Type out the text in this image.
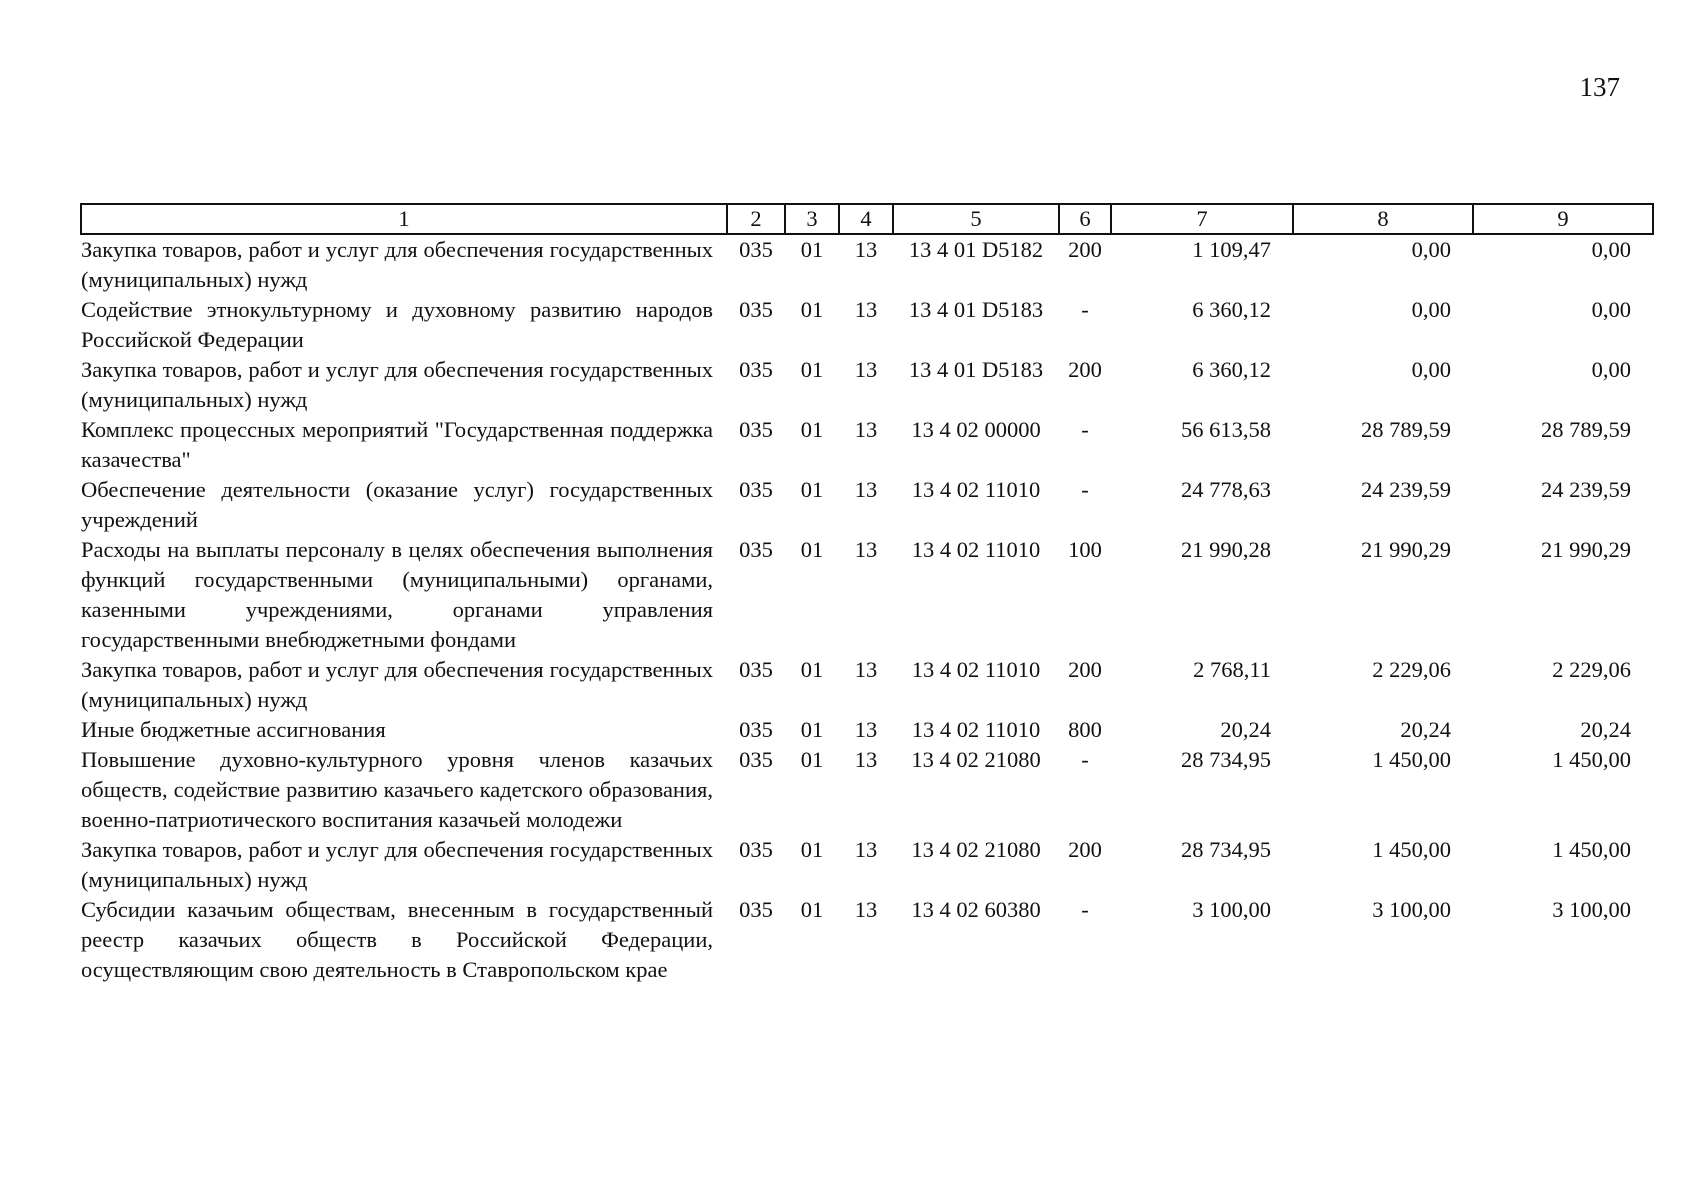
137
1	2	3	4	5	6	7	8	9
Закупка товаров, работ и услуг для обеспечения государственных (муниципальных) нужд	035	01	13	13 4 01 D5182	200	1 109,47	0,00	0,00
Содействие этнокультурному и духовному развитию народов Российской Федерации	035	01	13	13 4 01 D5183	-	6 360,12	0,00	0,00
Закупка товаров, работ и услуг для обеспечения государственных (муниципальных) нужд	035	01	13	13 4 01 D5183	200	6 360,12	0,00	0,00
Комплекс процессных мероприятий "Государственная поддержка казачества"	035	01	13	13 4 02 00000	-	56 613,58	28 789,59	28 789,59
Обеспечение деятельности (оказание услуг) государственных учреждений	035	01	13	13 4 02 11010	-	24 778,63	24 239,59	24 239,59
Расходы на выплаты персоналу в целях обеспечения выполнения функций государственными (муниципальными) органами, казенными учреждениями, органами управления государственными внебюджетными фондами	035	01	13	13 4 02 11010	100	21 990,28	21 990,29	21 990,29
Закупка товаров, работ и услуг для обеспечения государственных (муниципальных) нужд	035	01	13	13 4 02 11010	200	2 768,11	2 229,06	2 229,06
Иные бюджетные ассигнования	035	01	13	13 4 02 11010	800	20,24	20,24	20,24
Повышение духовно-культурного уровня членов казачьих обществ, содействие развитию казачьего кадетского образования, военно-патриотического воспитания казачьей молодежи	035	01	13	13 4 02 21080	-	28 734,95	1 450,00	1 450,00
Закупка товаров, работ и услуг для обеспечения государственных (муниципальных) нужд	035	01	13	13 4 02 21080	200	28 734,95	1 450,00	1 450,00
Субсидии казачьим обществам, внесенным в государственный реестр казачьих обществ в Российской Федерации, осуществляющим свою деятельность в Ставропольском крае	035	01	13	13 4 02 60380	-	3 100,00	3 100,00	3 100,00
